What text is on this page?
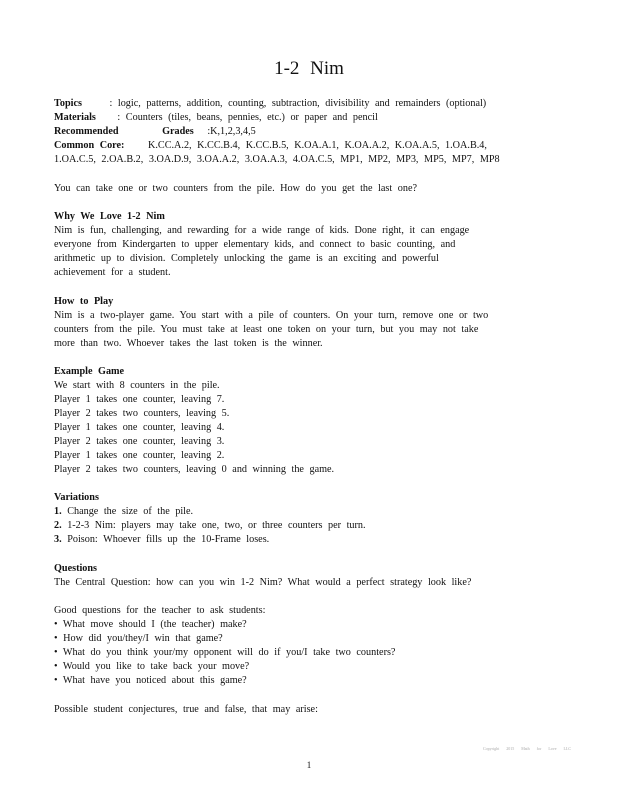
1-2 Nim
Topics	: logic, patterns, addition, counting, subtraction, divisibility and remainders (optional)
Materials : Counters (tiles, beans, pennies, etc.) or paper and pencil
Recommended	Grades :K,1,2,3,4,5
Common Core: K.CC.A.2, K.CC.B.4, K.CC.B.5, K.OA.A.1, K.OA.A.2, K.OA.A.5, 1.OA.B.4,
1.OA.C.5, 2.OA.B.2, 3.OA.D.9, 3.OA.A.2, 3.OA.A.3, 4.OA.C.5, MP1, MP2, MP3, MP5, MP7, MP8
You can take one or two counters from the pile. How do you get the last one?
Why We Love 1-2 Nim
Nim is fun, challenging, and rewarding for a wide range of kids. Done right, it can engage
everyone from Kindergarten to upper elementary kids, and connect to basic counting, and
arithmetic up to division. Completely unlocking the game is an exciting and powerful
achievement for a student.
How to Play
Nim is a two-player game. You start with a pile of counters. On your turn, remove one or two
counters from the pile. You must take at least one token on your turn, but you may not take
more than two. Whoever takes the last token is the winner.
Example Game
We start with 8 counters in the pile.
Player 1 takes one counter, leaving 7.
Player 2 takes two counters, leaving 5.
Player 1 takes one counter, leaving 4.
Player 2 takes one counter, leaving 3.
Player 1 takes one counter, leaving 2.
Player 2 takes two counters, leaving 0 and winning the game.
Variations
1. Change the size of the pile.
2. 1-2-3 Nim: players may take one, two, or three counters per turn.
3. Poison: Whoever fills up the 10-Frame loses.
Questions
The Central Question: how can you win 1-2 Nim? What would a perfect strategy look like?
Good questions for the teacher to ask students:
• What move should I (the teacher) make?
• How did you/they/I win that game?
• What do you think your/my opponent will do if you/I take two counters?
• Would you like to take back your move?
• What have you noticed about this game?
Possible student conjectures, true and false, that may arise:
Copyright 2015 Math for Love LLC
1
